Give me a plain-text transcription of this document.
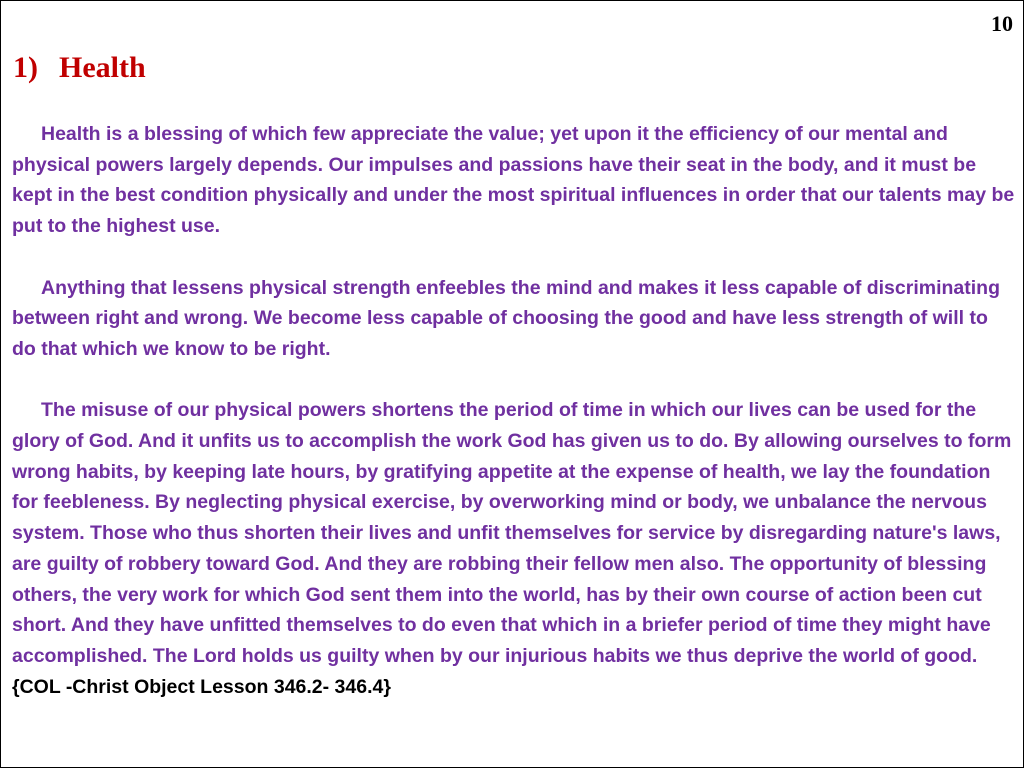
10
1) Health

Health is a blessing of which few appreciate the value; yet upon it the efficiency of our mental and physical powers largely depends. Our impulses and passions have their seat in the body, and it must be kept in the best condition physically and under the most spiritual influences in order that our talents may be put to the highest use.

Anything that lessens physical strength enfeebles the mind and makes it less capable of discriminating between right and wrong. We become less capable of choosing the good and have less strength of will to do that which we know to be right.

The misuse of our physical powers shortens the period of time in which our lives can be used for the glory of God. And it unfits us to accomplish the work God has given us to do. By allowing ourselves to form wrong habits, by keeping late hours, by gratifying appetite at the expense of health, we lay the foundation for feebleness. By neglecting physical exercise, by overworking mind or body, we unbalance the nervous system. Those who thus shorten their lives and unfit themselves for service by disregarding nature's laws, are guilty of robbery toward God. And they are robbing their fellow men also. The opportunity of blessing others, the very work for which God sent them into the world, has by their own course of action been cut short. And they have unfitted themselves to do even that which in a briefer period of time they might have accomplished. The Lord holds us guilty when by our injurious habits we thus deprive the world of good.  {COL -Christ Object Lesson 346.2- 346.4}
